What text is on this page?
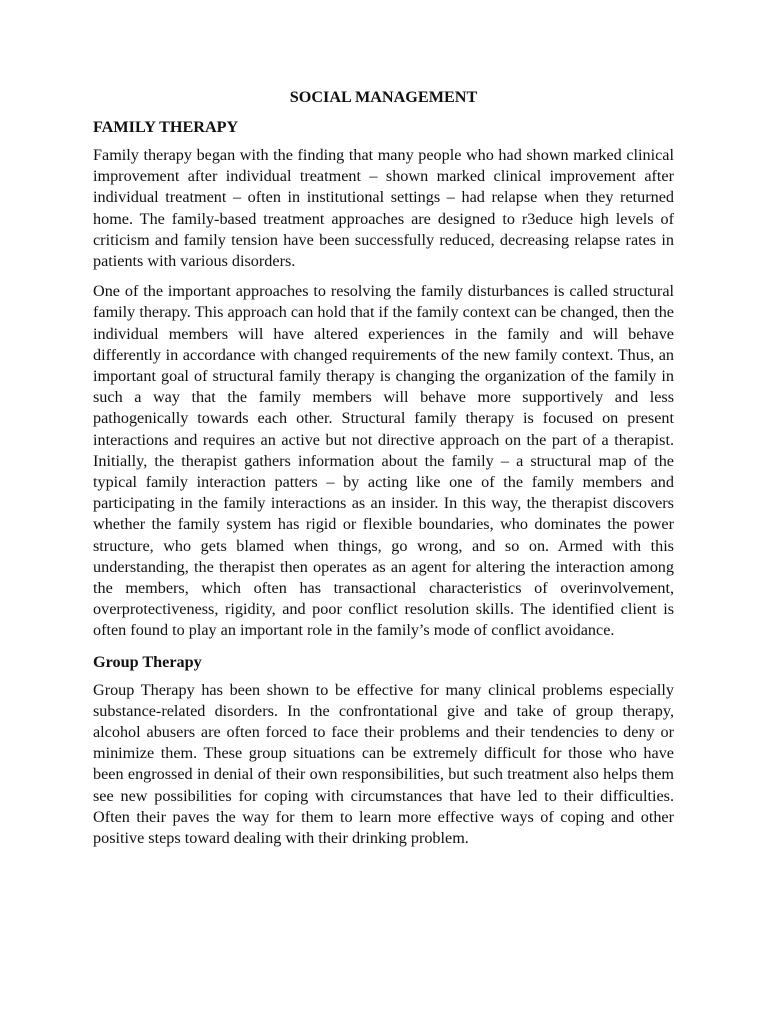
SOCIAL MANAGEMENT
FAMILY THERAPY

Family therapy began with the finding that many people who had shown marked clinical improvement after individual treatment – shown marked clinical improvement after individual treatment – often in institutional settings – had relapse when they returned home. The family-based treatment approaches are designed to r3educe high levels of criticism and family tension have been successfully reduced, decreasing relapse rates in patients with various disorders.

One of the important approaches to resolving the family disturbances is called structural family therapy. This approach can hold that if the family context can be changed, then the individual members will have altered experiences in the family and will behave differently in accordance with changed requirements of the new family context. Thus, an important goal of structural family therapy is changing the organization of the family in such a way that the family members will behave more supportively and less pathogenically towards each other. Structural family therapy is focused on present interactions and requires an active but not directive approach on the part of a therapist. Initially, the therapist gathers information about the family – a structural map of the typical family interaction patters – by acting like one of the family members and participating in the family interactions as an insider. In this way, the therapist discovers whether the family system has rigid or flexible boundaries, who dominates the power structure, who gets blamed when things, go wrong, and so on. Armed with this understanding, the therapist then operates as an agent for altering the interaction among the members, which often has transactional characteristics of overinvolvement, overprotectiveness, rigidity, and poor conflict resolution skills. The identified client is often found to play an important role in the family’s mode of conflict avoidance.

Group Therapy

Group Therapy has been shown to be effective for many clinical problems especially substance-related disorders. In the confrontational give and take of group therapy, alcohol abusers are often forced to face their problems and their tendencies to deny or minimize them. These group situations can be extremely difficult for those who have been engrossed in denial of their own responsibilities, but such treatment also helps them see new possibilities for coping with circumstances that have led to their difficulties. Often their paves the way for them to learn more effective ways of coping and other positive steps toward dealing with their drinking problem.
